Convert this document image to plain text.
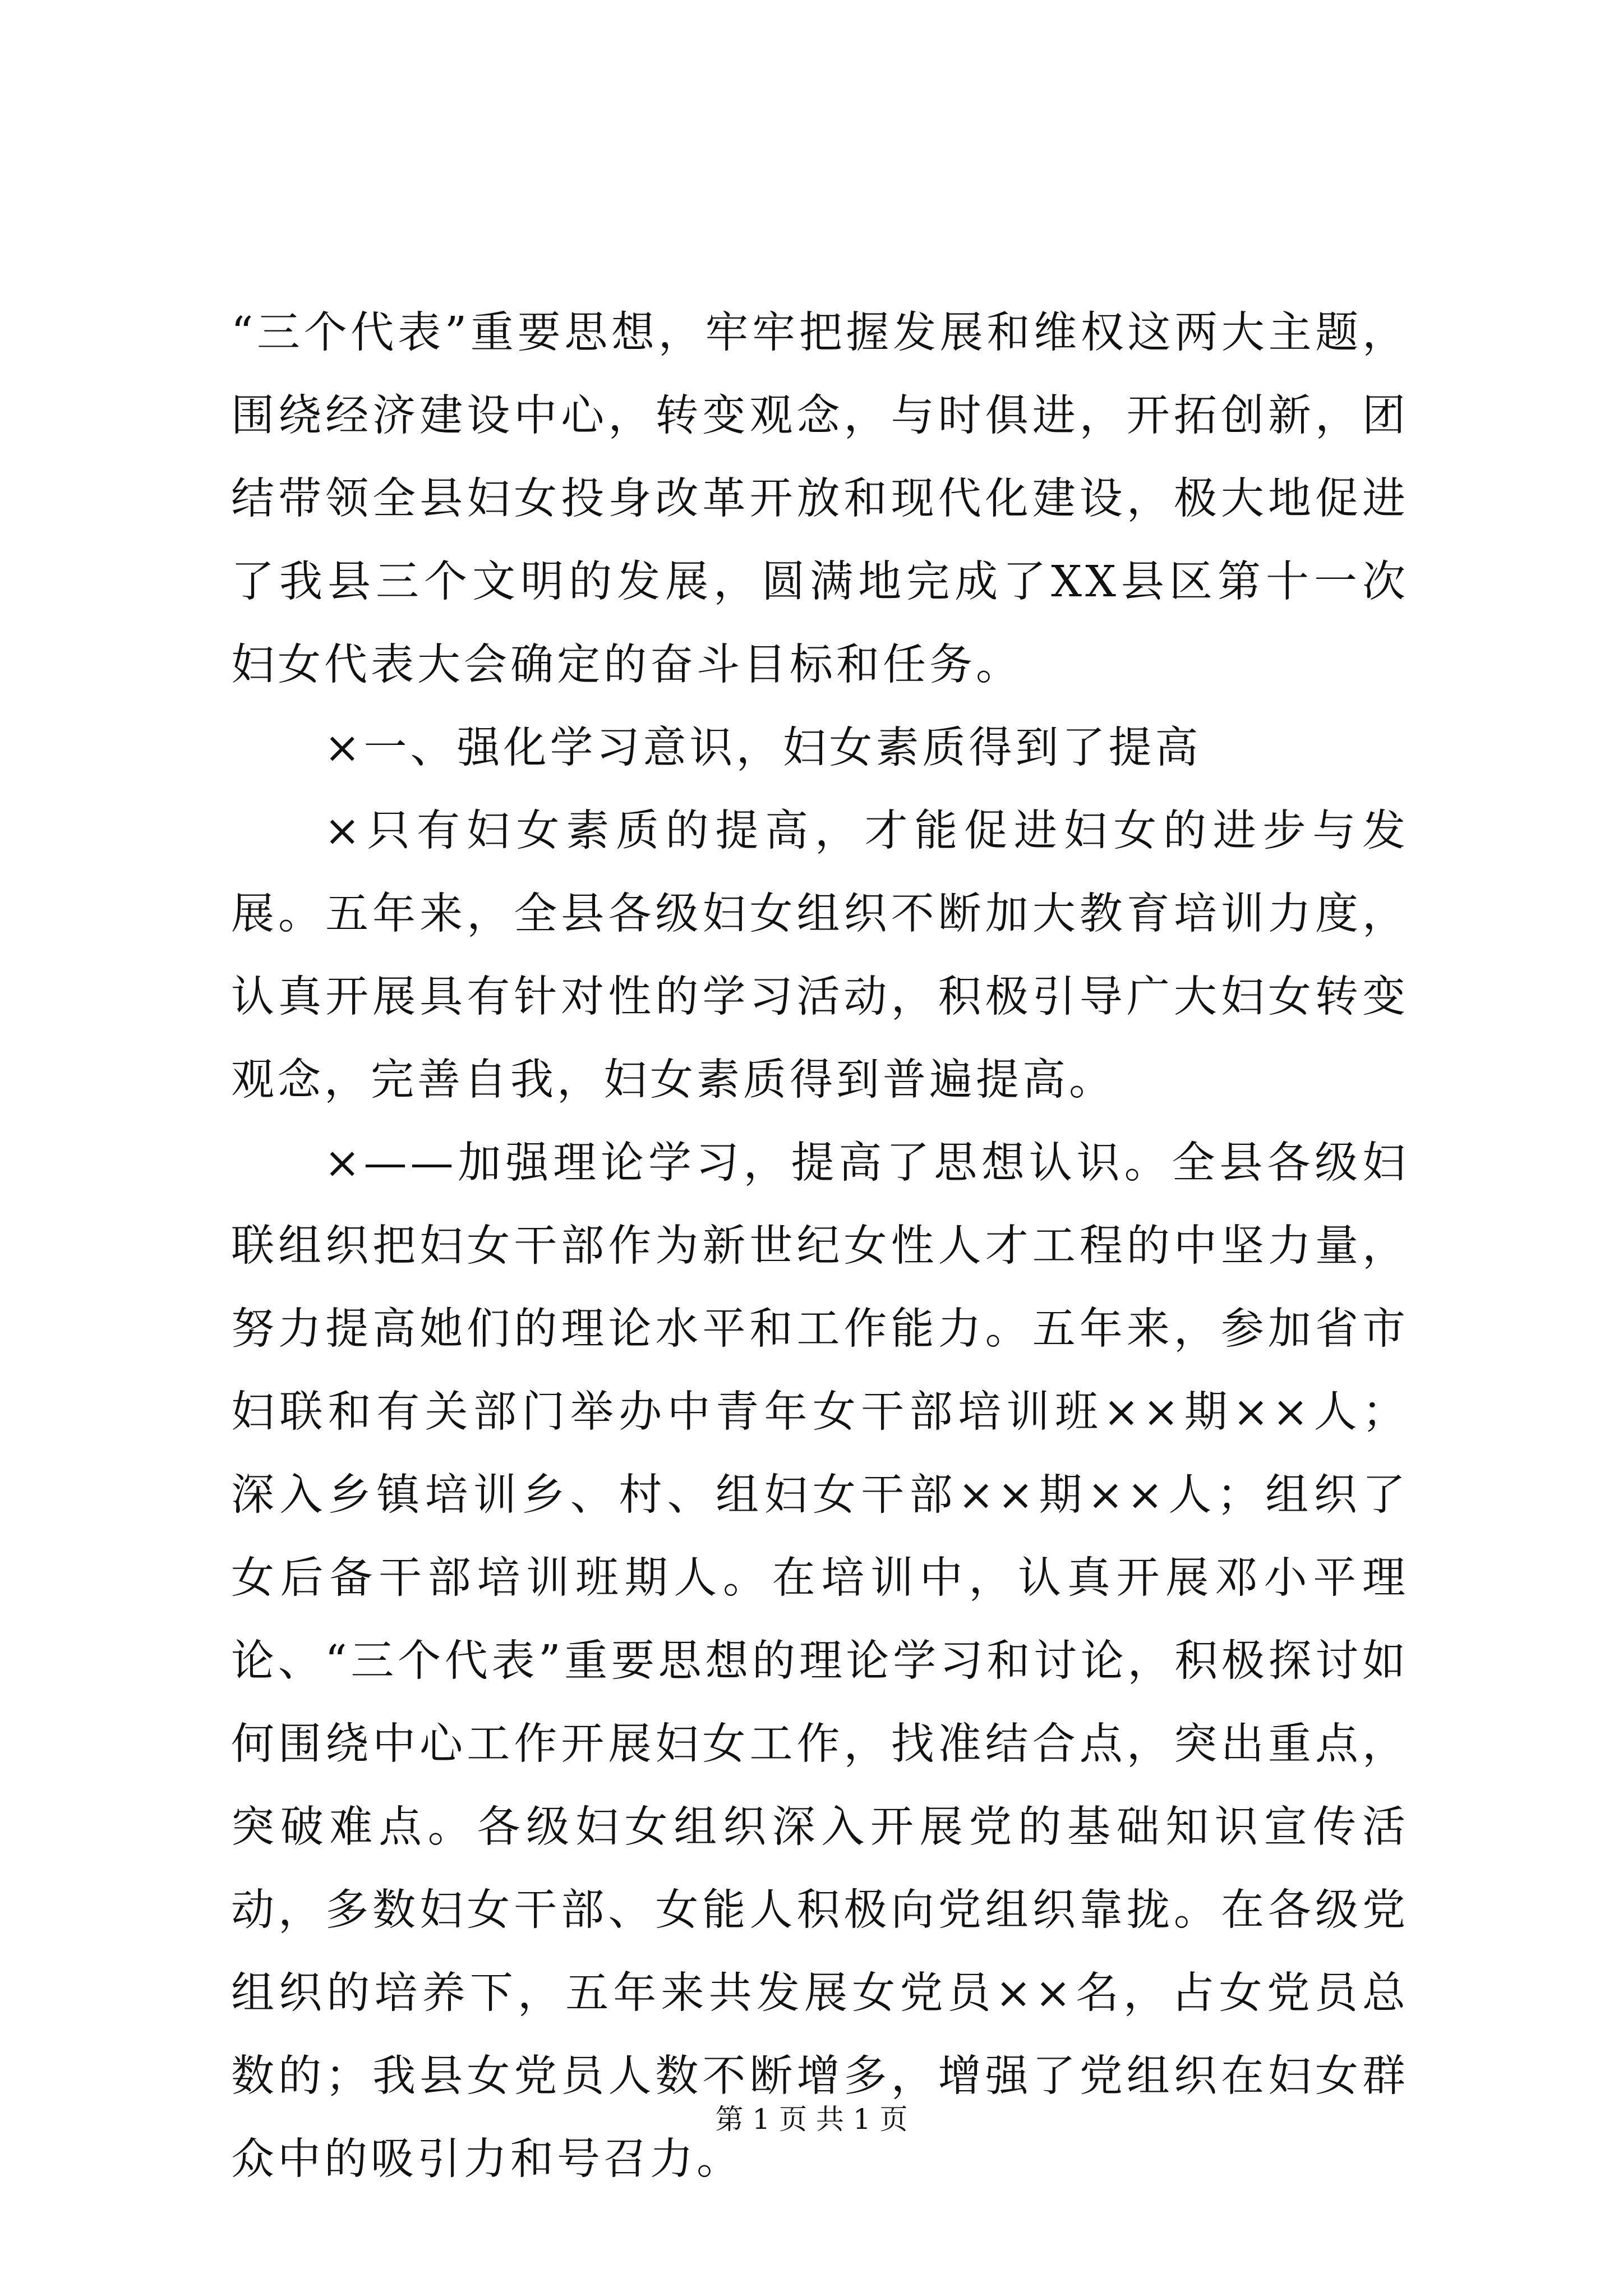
“三个代表”重要思想，牢牢把握发展和维权这两大主题，围绕经济建设中心，转变观念，与时俱进，开拓创新，团结带领全县妇女投身改革开放和现代化建设，极大地促进了我县三个文明的发展，圆满地完成了XX县区第十一次妇女代表大会确定的奋斗目标和任务。

×一、强化学习意识，妇女素质得到了提高

×只有妇女素质的提高，才能促进妇女的进步与发展。五年来，全县各级妇女组织不断加大教育培训力度，认真开展具有针对性的学习活动，积极引导广大妇女转变观念，完善自我，妇女素质得到普遍提高。

×——加强理论学习，提高了思想认识。全县各级妇联组织把妇女干部作为新世纪女性人才工程的中坚力量，努力提高她们的理论水平和工作能力。五年来，参加省市妇联和有关部门举办中青年女干部培训班××期××人；深入乡镇培训乡、村、组妇女干部××期××人；组织了女后备干部培训班期人。在培训中，认真开展邓小平理论、“三个代表”重要思想的理论学习和讨论，积极探讨如何围绕中心工作开展妇女工作，找准结合点，突出重点，突破难点。各级妇女组织深入开展党的基础知识宣传活动，多数妇女干部、女能人积极向党组织靠拢。在各级党组织的培养下，五年来共发展女党员××名，占女党员总数的；我县女党员人数不断增多，增强了党组织在妇女群众中的吸引力和号召力。

第 1 页 共 1 页
